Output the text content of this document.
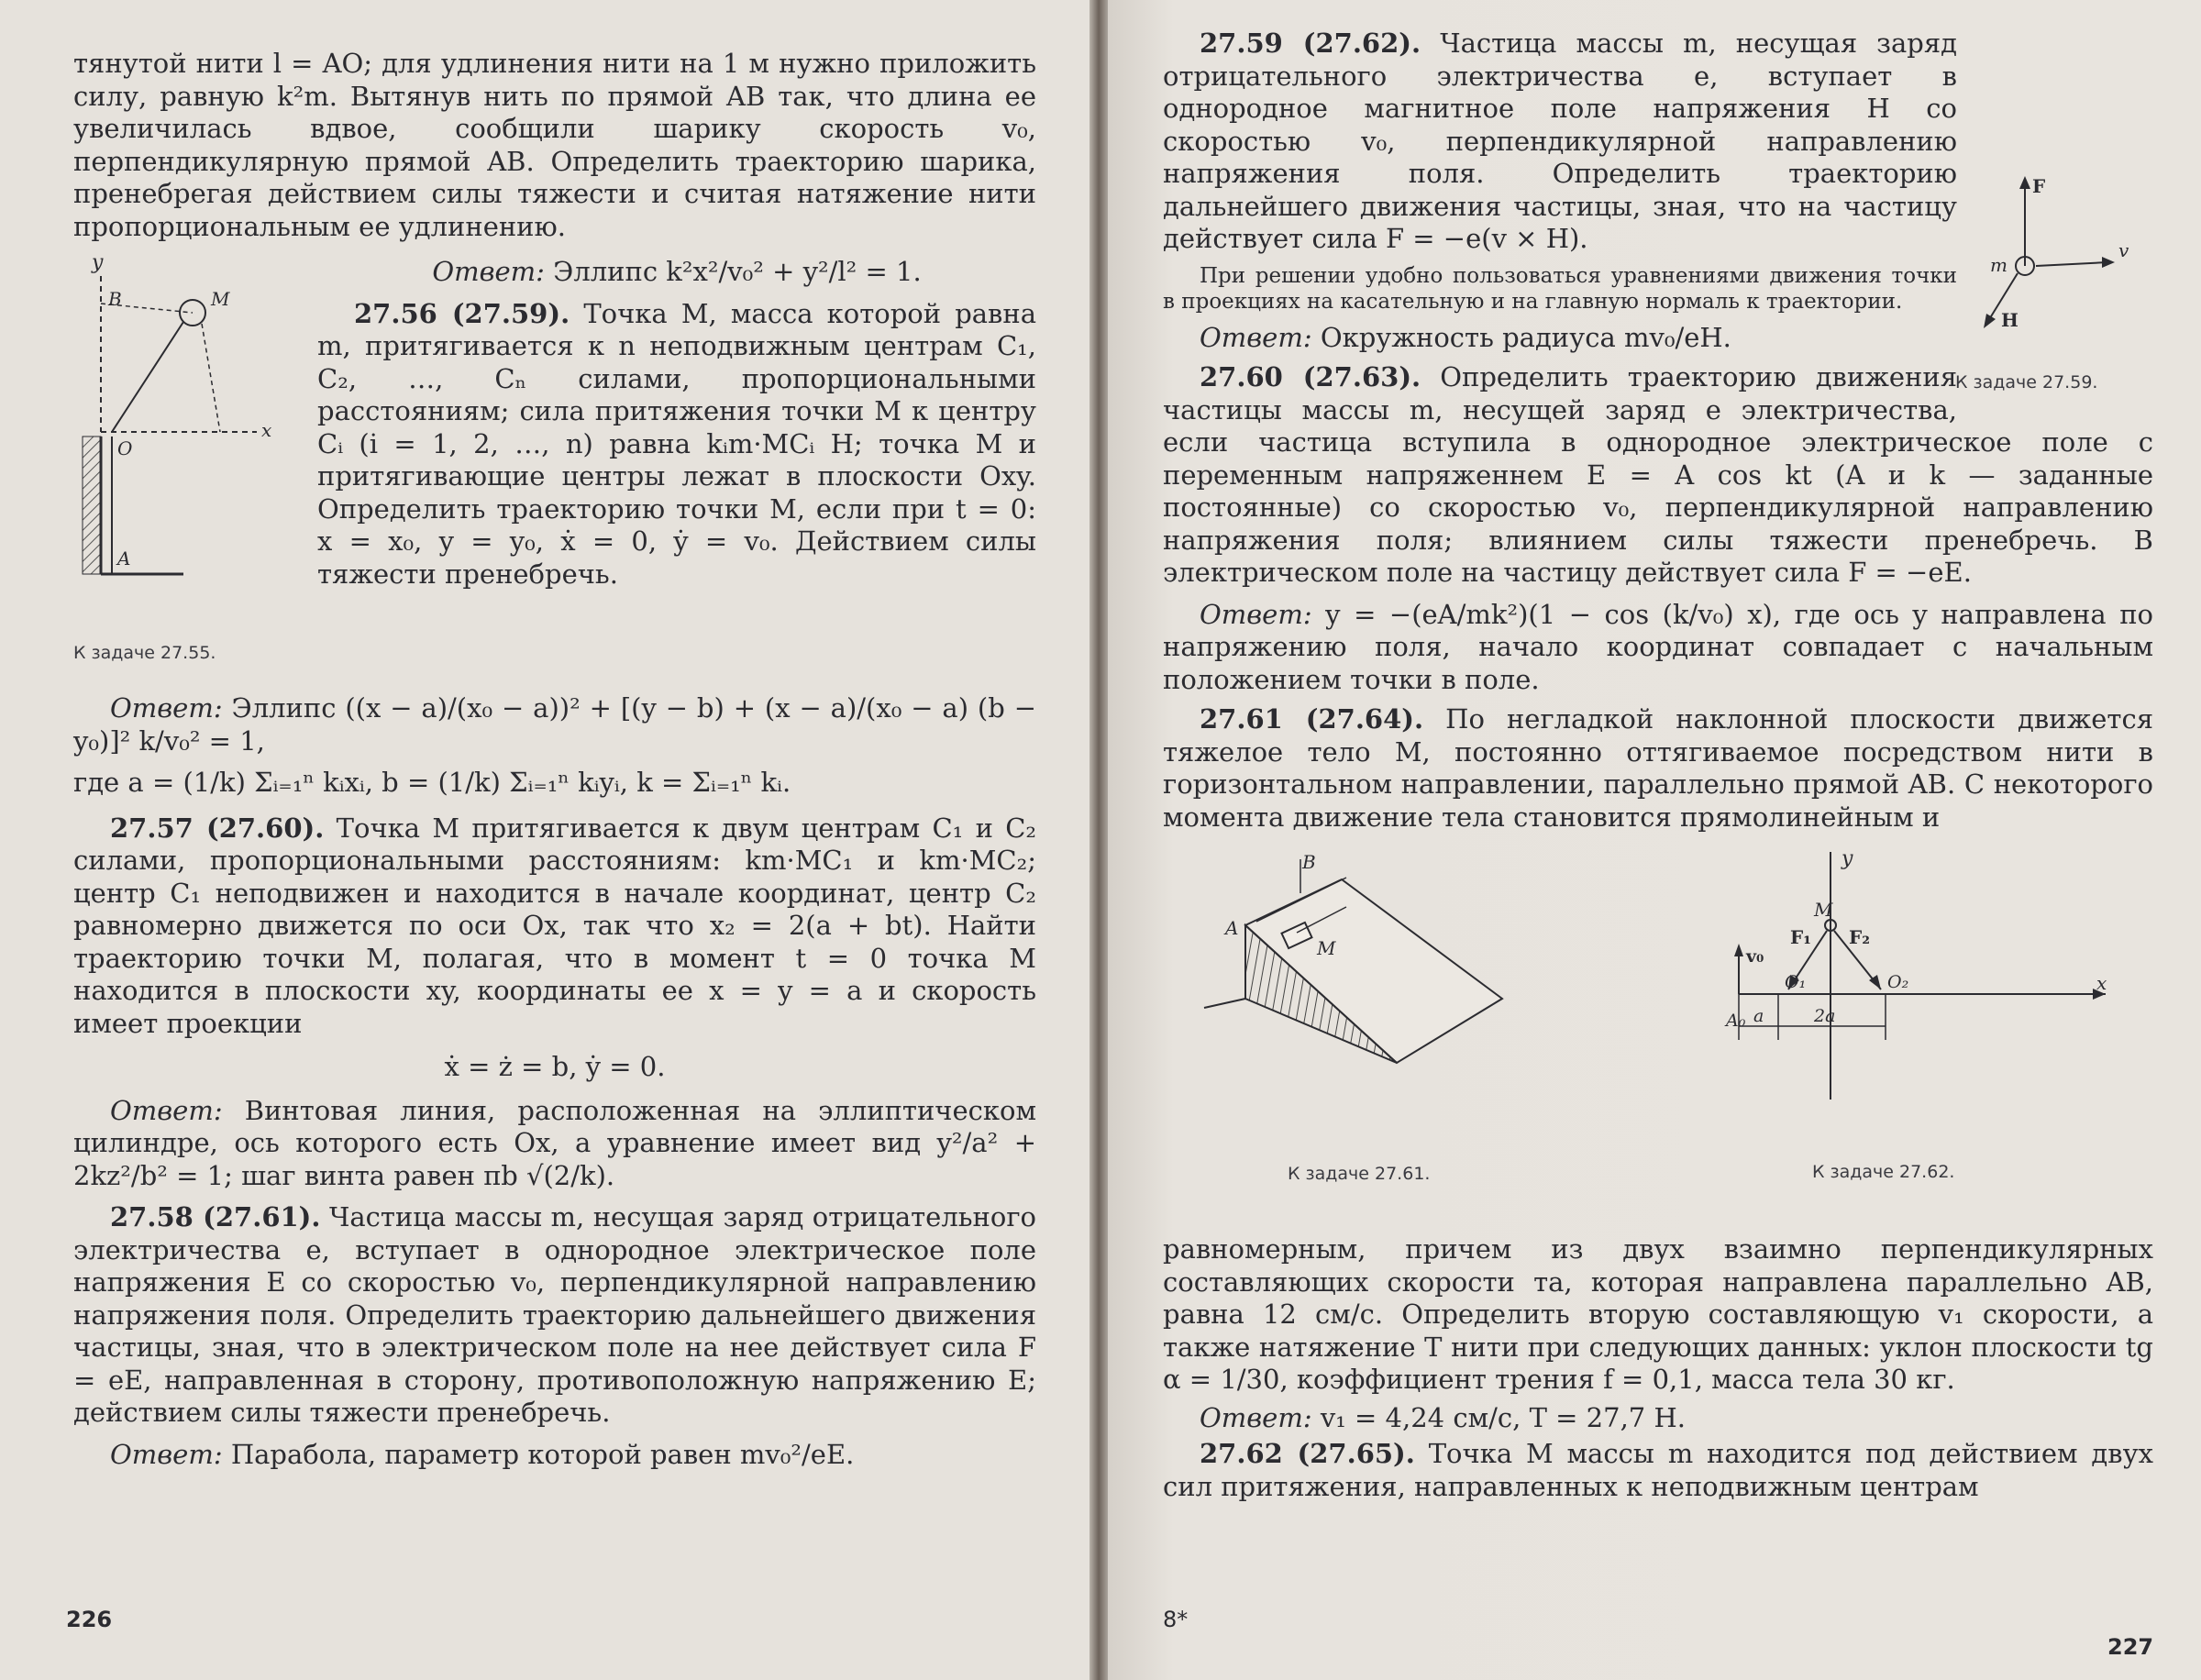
тянутой нити l = AO; для удлинения нити на 1 м нужно приложить силу, равную k²m. Вытянув нить по прямой AB так, что длина ее увеличилась вдвое, сообщили шарику скорость v₀, перпендикулярную прямой AB. Определить траекторию шарика, пренебрегая действием силы тяжести и считая натяжение нити пропорциональным ее удлинению.

y
B	M
x
O
A
К задаче 27.55.

Ответ: Эллипс k²x²/v₀² + y²/l² = 1.

27.56 (27.59). Точка M, масса которой равна m, притягивается к n неподвижным центрам C₁, C₂, …, Cₙ силами, пропорциональными расстояниям; сила притяжения точки M к центру Cᵢ (i = 1, 2, …, n) равна kᵢm·MCᵢ Н; точка M и притягивающие центры лежат в плоскости Oxy. Определить траекторию точки M, если при t = 0: x = x₀, y = y₀, ẋ = 0, ẏ = v₀. Действием силы тяжести пренебречь.

Ответ: Эллипс ((x − a)/(x₀ − a))² + [(y − b) + (x − a)/(x₀ − a) (b − y₀)]² k/v₀² = 1,

где a = (1/k) Σᵢ₌₁ⁿ kᵢxᵢ, b = (1/k) Σᵢ₌₁ⁿ kᵢyᵢ, k = Σᵢ₌₁ⁿ kᵢ.

27.57 (27.60). Точка M притягивается к двум центрам C₁ и C₂ силами, пропорциональными расстояниям: km·MC₁ и km·MC₂; центр C₁ неподвижен и находится в начале координат, центр C₂ равномерно движется по оси Ox, так что x₂ = 2(a + bt). Найти траекторию точки M, полагая, что в момент t = 0 точка M находится в плоскости xy, координаты ее x = y = a и скорость имеет проекции

ẋ = ż = b, ẏ = 0.

Ответ: Винтовая линия, расположенная на эллиптическом цилиндре, ось которого есть Ox, а уравнение имеет вид y²/a² + 2kz²/b² = 1; шаг винта равен πb √(2/k).

27.58 (27.61). Частица массы m, несущая заряд отрицательного электричества e, вступает в однородное электрическое поле напряжения E со скоростью v₀, перпендикулярной направлению напряжения поля. Определить траекторию дальнейшего движения частицы, зная, что в электрическом поле на нее действует сила F = eE, направленная в сторону, противоположную напряжению E; действием силы тяжести пренебречь.

Ответ: Парабола, параметр которой равен mv₀²/eE.

226
F
m
v
H
К задаче 27.59.

27.59 (27.62). Частица массы m, несущая заряд отрицательного электричества e, вступает в однородное магнитное поле напряжения H со скоростью v₀, перпендикулярной направлению напряжения поля. Определить траекторию дальнейшего движения частицы, зная, что на частицу действует сила F = −e(v × H).

При решении удобно пользоваться уравнениями движения точки в проекциях на касательную и на главную нормаль к траектории.

Ответ: Окружность радиуса mv₀/eH.

27.60 (27.63). Определить траекторию движения частицы массы m, несущей заряд e электричества, если частица вступила в однородное электрическое поле с переменным напряженнем E = A cos kt (A и k — заданные постоянные) со скоростью v₀, перпендикулярной направлению напряжения поля; влиянием силы тяжести пренебречь. В электрическом поле на частицу действует сила F = −eE.

Ответ: y = −(eA/mk²)(1 − cos (k/v₀) x), где ось y направлена по напряжению поля, начало координат совпадает с начальным положением точки в поле.

27.61 (27.64). По негладкой наклонной плоскости движется тяжелое тело M, постоянно оттягиваемое посредством нити в горизонтальном направлении, параллельно прямой AB. С некоторого момента движение тела становится прямолинейным и

B
A
M
К задаче 27.61.
y
M
F₁ F₂
v₀
O₁	O₂	x
A₀ a	2a
К задаче 27.62.

равномерным, причем из двух взаимно перпендикулярных составляющих скорости та, которая направлена параллельно AB, равна 12 см/с. Определить вторую составляющую v₁ скорости, а также натяжение T нити при следующих данных: уклон плоскости tg α = 1/30, коэффициент трения f = 0,1, масса тела 30 кг.

Ответ: v₁ = 4,24 см/с, T = 27,7 Н.

27.62 (27.65). Точка M массы m находится под действием двух сил притяжения, направленных к неподвижным центрам

8*
227
